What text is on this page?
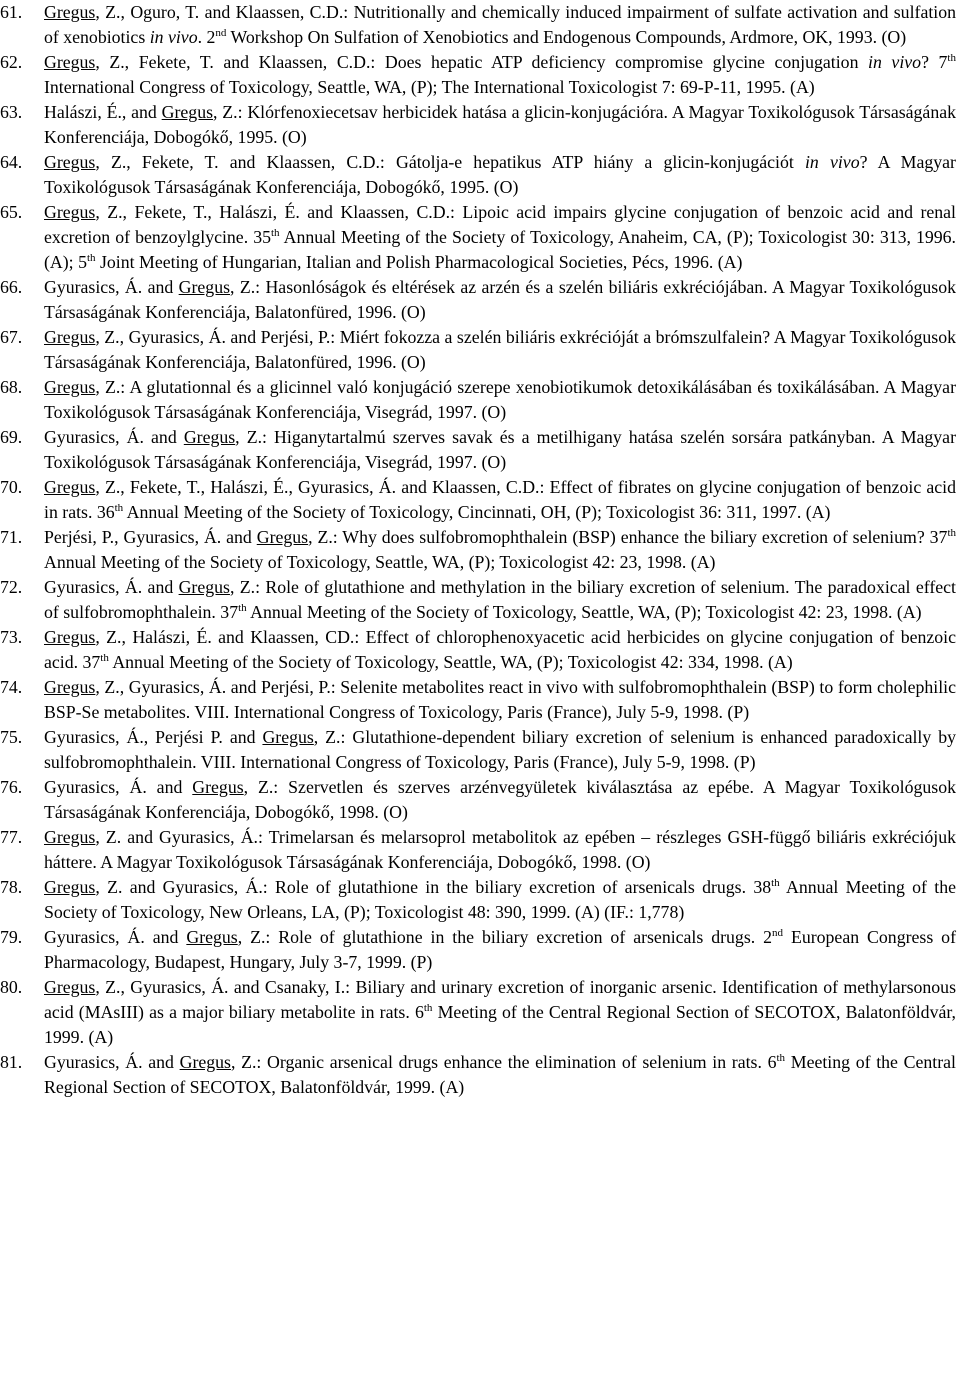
61. Gregus, Z., Oguro, T. and Klaassen, C.D.: Nutritionally and chemically induced impairment of sulfate activation and sulfation of xenobiotics in vivo. 2nd Workshop On Sulfation of Xenobiotics and Endogenous Compounds, Ardmore, OK, 1993. (O)
62. Gregus, Z., Fekete, T. and Klaassen, C.D.: Does hepatic ATP deficiency compromise glycine conjugation in vivo? 7th International Congress of Toxicology, Seattle, WA, (P); The International Toxicologist 7: 69-P-11, 1995. (A)
63. Halászi, É., and Gregus, Z.: Klórfenoxiecetsav herbicidek hatása a glicin-konjugációra. A Magyar Toxikológusok Társaságának Konferenciája, Dobogókő, 1995. (O)
64. Gregus, Z., Fekete, T. and Klaassen, C.D.: Gátolja-e hepatikus ATP hiány a glicin-konjugációt in vivo? A Magyar Toxikológusok Társaságának Konferenciája, Dobogókő, 1995. (O)
65. Gregus, Z., Fekete, T., Halászi, É. and Klaassen, C.D.: Lipoic acid impairs glycine conjugation of benzoic acid and renal excretion of benzoylglycine. 35th Annual Meeting of the Society of Toxicology, Anaheim, CA, (P); Toxicologist 30: 313, 1996. (A); 5th Joint Meeting of Hungarian, Italian and Polish Pharmacological Societies, Pécs, 1996. (A)
66. Gyurasics, Á. and Gregus, Z.: Hasonlóságok és eltérések az arzén és a szelén biliáris exkréciójában. A Magyar Toxikológusok Társaságának Konferenciája, Balatonfüred, 1996. (O)
67. Gregus, Z., Gyurasics, Á. and Perjési, P.: Miért fokozza a szelén biliáris exkrécióját a brómszulfalein? A Magyar Toxikológusok Társaságának Konferenciája, Balatonfüred, 1996. (O)
68. Gregus, Z.: A glutationnal és a glicinnel való konjugáció szerepe xenobiotikumok detoxikálásában és toxikálásában. A Magyar Toxikológusok Társaságának Konferenciája, Visegrád, 1997. (O)
69. Gyurasics, Á. and Gregus, Z.: Higanytartalmú szerves savak és a metilhigany hatása szelén sorsára patkányban. A Magyar Toxikológusok Társaságának Konferenciája, Visegrád, 1997. (O)
70. Gregus, Z., Fekete, T., Halászi, É., Gyurasics, Á. and Klaassen, C.D.: Effect of fibrates on glycine conjugation of benzoic acid in rats. 36th Annual Meeting of the Society of Toxicology, Cincinnati, OH, (P); Toxicologist 36: 311, 1997. (A)
71. Perjési, P., Gyurasics, Á. and Gregus, Z.: Why does sulfobromophthalein (BSP) enhance the biliary excretion of selenium? 37th Annual Meeting of the Society of Toxicology, Seattle, WA, (P); Toxicologist 42: 23, 1998. (A)
72. Gyurasics, Á. and Gregus, Z.: Role of glutathione and methylation in the biliary excretion of selenium. The paradoxical effect of sulfobromophthalein. 37th Annual Meeting of the Society of Toxicology, Seattle, WA, (P); Toxicologist 42: 23, 1998. (A)
73. Gregus, Z., Halászi, É. and Klaassen, CD.: Effect of chlorophenoxyacetic acid herbicides on glycine conjugation of benzoic acid. 37th Annual Meeting of the Society of Toxicology, Seattle, WA, (P); Toxicologist 42: 334, 1998. (A)
74. Gregus, Z., Gyurasics, Á. and Perjési, P.: Selenite metabolites react in vivo with sulfobromophthalein (BSP) to form cholephilic BSP-Se metabolites. VIII. International Congress of Toxicology, Paris (France), July 5-9, 1998. (P)
75. Gyurasics, Á., Perjési P. and Gregus, Z.: Glutathione-dependent biliary excretion of selenium is enhanced paradoxically by sulfobromophthalein. VIII. International Congress of Toxicology, Paris (France), July 5-9, 1998. (P)
76. Gyurasics, Á. and Gregus, Z.: Szervetlen és szerves arzénvegyületek kiválasztása az epébe. A Magyar Toxikológusok Társaságának Konferenciája, Dobogókő, 1998. (O)
77. Gregus, Z. and Gyurasics, Á.: Trimelarsan és melarsoprol metabolitok az epében – részleges GSH-függő biliáris exkréciójuk háttere. A Magyar Toxikológusok Társaságának Konferenciája, Dobogókő, 1998. (O)
78. Gregus, Z. and Gyurasics, Á.: Role of glutathione in the biliary excretion of arsenicals drugs. 38th Annual Meeting of the Society of Toxicology, New Orleans, LA, (P); Toxicologist 48: 390, 1999. (A) (IF.: 1,778)
79. Gyurasics, Á. and Gregus, Z.: Role of glutathione in the biliary excretion of arsenicals drugs. 2nd European Congress of Pharmacology, Budapest, Hungary, July 3-7, 1999. (P)
80. Gregus, Z., Gyurasics, Á. and Csanaky, I.: Biliary and urinary excretion of inorganic arsenic. Identification of methylarsonous acid (MAsIII) as a major biliary metabolite in rats. 6th Meeting of the Central Regional Section of SECOTOX, Balatonföldvár, 1999. (A)
81. Gyurasics, Á. and Gregus, Z.: Organic arsenical drugs enhance the elimination of selenium in rats. 6th Meeting of the Central Regional Section of SECOTOX, Balatonföldvár, 1999. (A)
